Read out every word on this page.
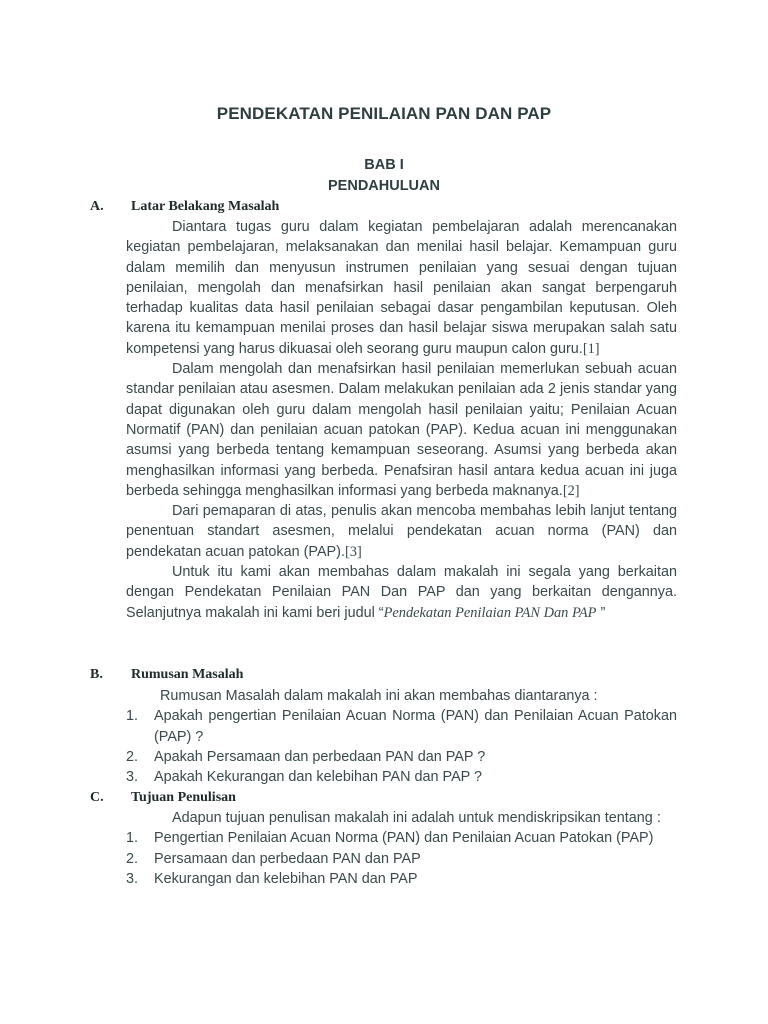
PENDEKATAN PENILAIAN PAN DAN PAP
BAB I
PENDAHULUAN
A. Latar Belakang Masalah

Diantara tugas guru dalam kegiatan pembelajaran adalah merencanakan kegiatan pembelajaran, melaksanakan dan menilai hasil belajar. Kemampuan guru dalam memilih dan menyusun instrumen penilaian yang sesuai dengan tujuan penilaian, mengolah dan menafsirkan hasil penilaian akan sangat berpengaruh terhadap kualitas data hasil penilaian sebagai dasar pengambilan keputusan. Oleh karena itu kemampuan menilai proses dan hasil belajar siswa merupakan salah satu kompetensi yang harus dikuasai oleh seorang guru maupun calon guru.[1]

Dalam mengolah dan menafsirkan hasil penilaian memerlukan sebuah acuan standar penilaian atau asesmen. Dalam melakukan penilaian ada 2 jenis standar yang dapat digunakan oleh guru dalam mengolah hasil penilaian yaitu; Penilaian Acuan Normatif (PAN) dan penilaian acuan patokan (PAP). Kedua acuan ini menggunakan asumsi yang berbeda tentang kemampuan seseorang. Asumsi yang berbeda akan menghasilkan informasi yang berbeda. Penafsiran hasil antara kedua acuan ini juga berbeda sehingga menghasilkan informasi yang berbeda maknanya.[2]

Dari pemaparan di atas, penulis akan mencoba membahas lebih lanjut tentang penentuan standart asesmen, melalui pendekatan acuan norma (PAN) dan pendekatan acuan patokan (PAP).[3]

Untuk itu kami akan membahas dalam makalah ini segala yang berkaitan dengan Pendekatan Penilaian PAN Dan PAP dan yang berkaitan dengannya. Selanjutnya makalah ini kami beri judul “Pendekatan Penilaian PAN Dan PAP ”

B. Rumusan Masalah
Rumusan Masalah dalam makalah ini akan membahas diantaranya :
1. Apakah pengertian Penilaian Acuan Norma (PAN) dan Penilaian Acuan Patokan (PAP) ?
2. Apakah Persamaan dan perbedaan PAN dan PAP ?
3. Apakah Kekurangan dan kelebihan PAN dan PAP ?
C. Tujuan Penulisan
Adapun tujuan penulisan makalah ini adalah untuk mendiskripsikan tentang :
1. Pengertian Penilaian Acuan Norma (PAN) dan Penilaian Acuan Patokan (PAP)
2. Persamaan dan perbedaan PAN dan PAP
3. Kekurangan dan kelebihan PAN dan PAP
